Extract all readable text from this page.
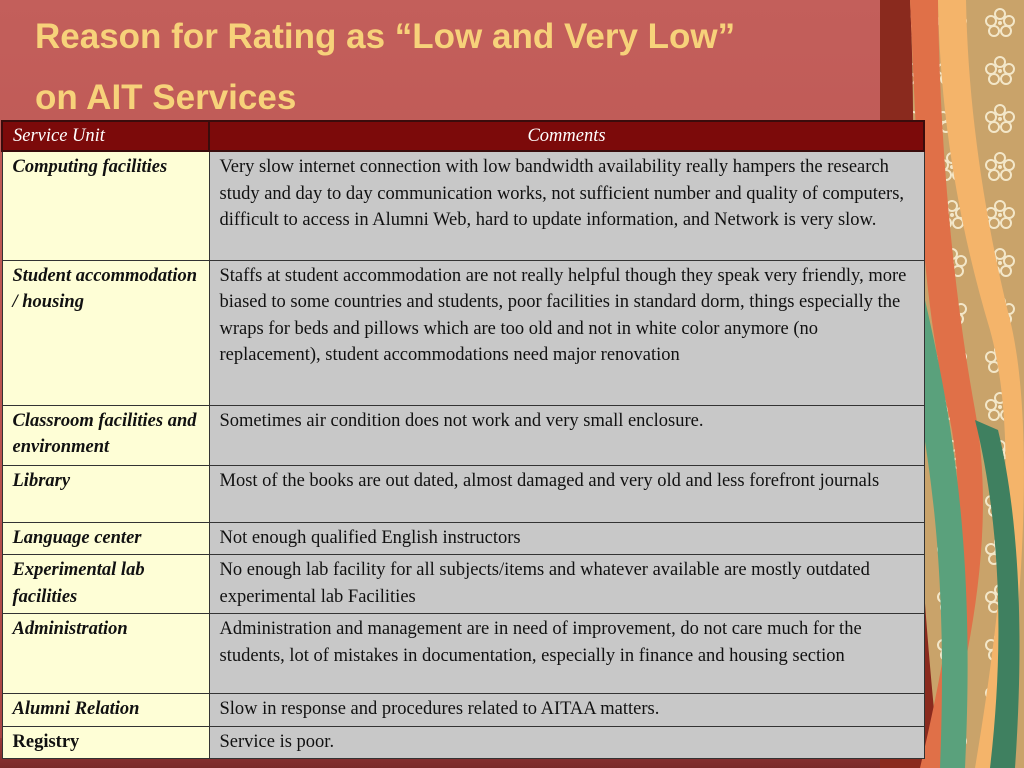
Reason for Rating as “Low and Very Low”
on AIT Services
Service Unit	Comments
Computing facilities	Very slow internet connection with low bandwidth availability really hampers the research study and day to day communication works, not sufficient number and quality of computers, difficult to access in Alumni Web, hard to update information, and Network is very slow.
Student accommodation / housing	Staffs at student accommodation are not really helpful though they speak very friendly, more biased to some countries and students, poor facilities in standard dorm, things especially the wraps for beds and pillows which are too old and not in white color anymore (no replacement), student accommodations need major renovation
Classroom facilities and environment	Sometimes air condition does not work and very small enclosure.
Library	Most of the books are out dated, almost damaged and very old and less forefront journals
Language center	Not enough qualified English instructors
Experimental lab facilities	No enough lab facility for all subjects/items and whatever available are mostly outdated experimental lab Facilities
Administration	Administration and management are in need of improvement, do not care much for the students, lot of mistakes in documentation, especially in finance and housing section
Alumni Relation	Slow in response and procedures related to AITAA matters.
Registry	Service is poor.
